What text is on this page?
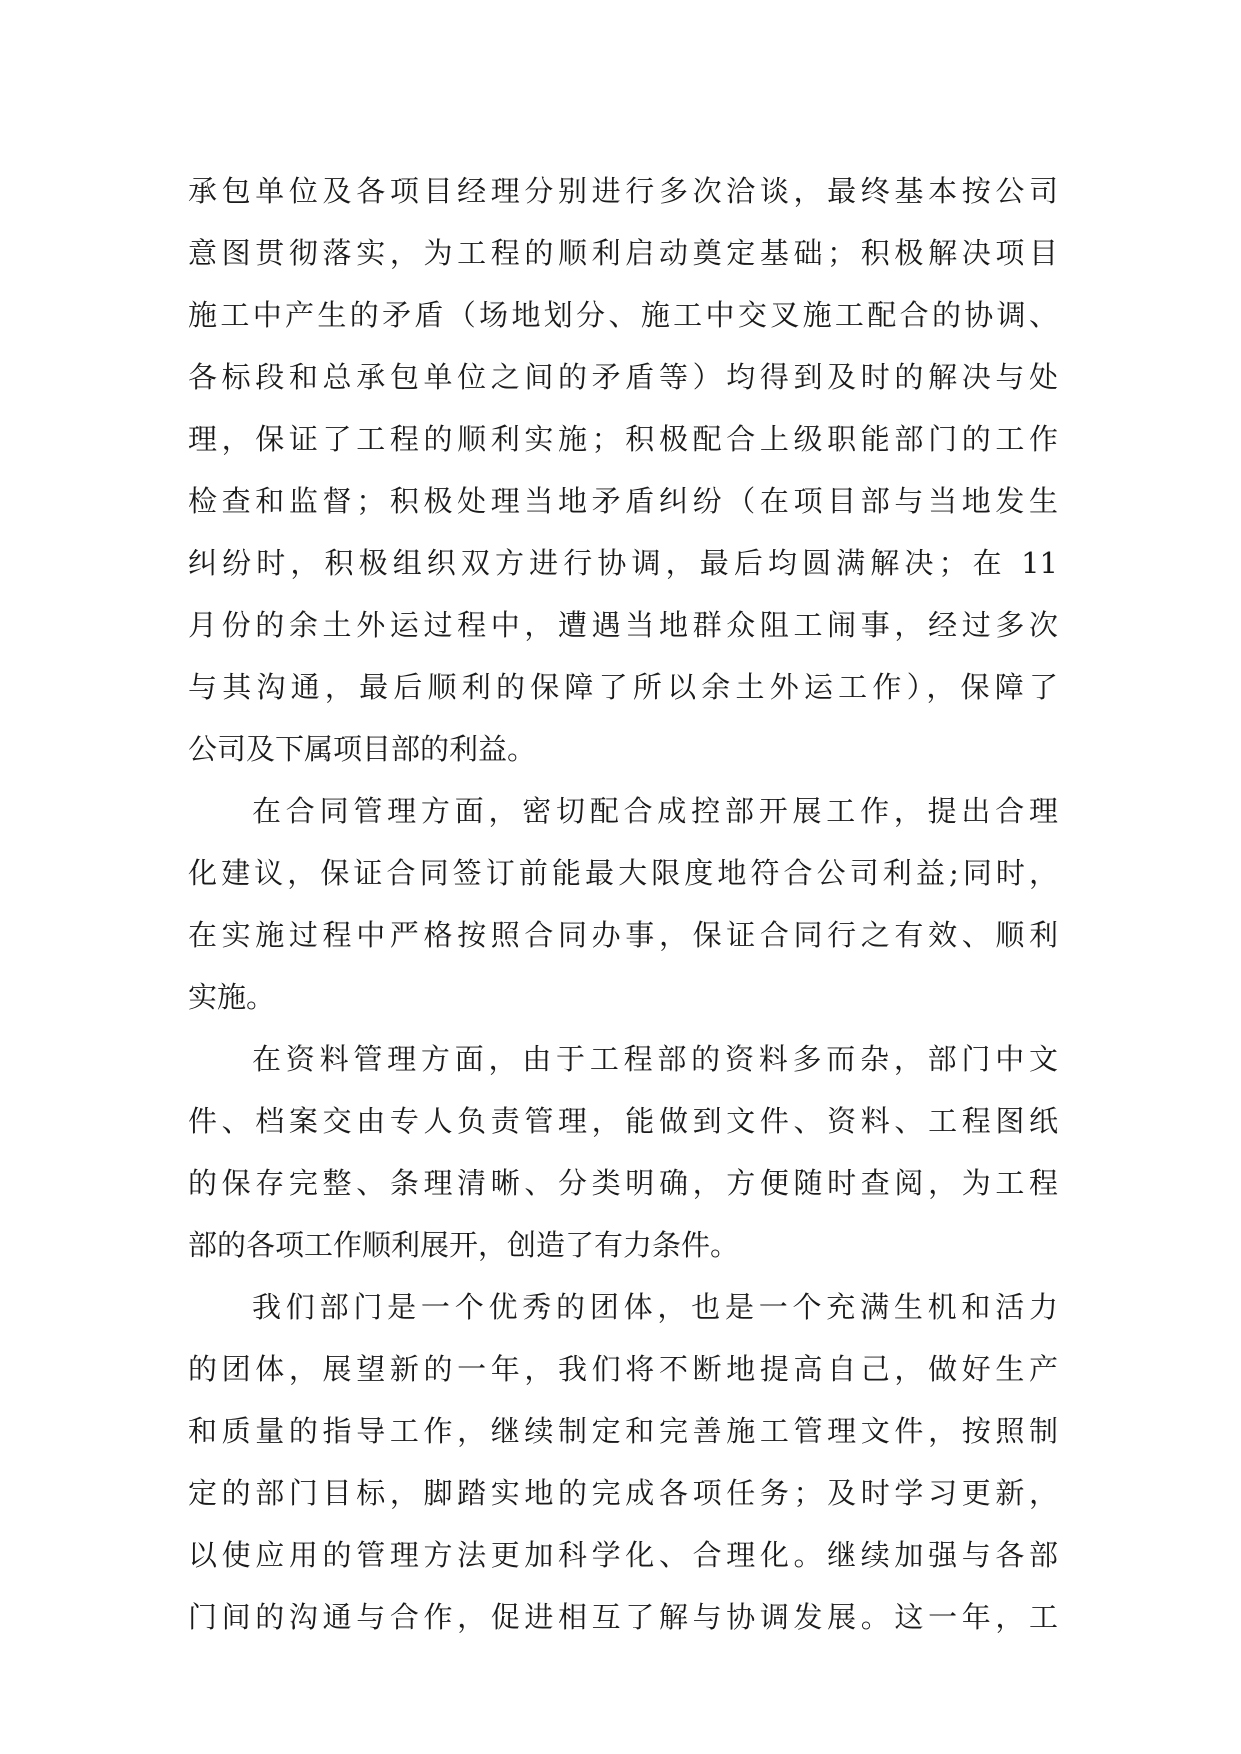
承包单位及各项目经理分别进行多次洽谈，最终基本按公司
意图贯彻落实，为工程的顺利启动奠定基础；积极解决项目
施工中产生的矛盾（场地划分、施工中交叉施工配合的协调、
各标段和总承包单位之间的矛盾等）均得到及时的解决与处
理，保证了工程的顺利实施；积极配合上级职能部门的工作
检查和监督；积极处理当地矛盾纠纷（在项目部与当地发生
纠纷时，积极组织双方进行协调，最后均圆满解决；在 11
月份的余土外运过程中，遭遇当地群众阻工闹事，经过多次
与其沟通，最后顺利的保障了所以余土外运工作），保障了
公司及下属项目部的利益。
在合同管理方面，密切配合成控部开展工作，提出合理
化建议，保证合同签订前能最大限度地符合公司利益;同时，
在实施过程中严格按照合同办事，保证合同行之有效、顺利
实施。
在资料管理方面，由于工程部的资料多而杂，部门中文
件、档案交由专人负责管理，能做到文件、资料、工程图纸
的保存完整、条理清晰、分类明确，方便随时查阅，为工程
部的各项工作顺利展开，创造了有力条件。
我们部门是一个优秀的团体，也是一个充满生机和活力
的团体，展望新的一年，我们将不断地提高自己，做好生产
和质量的指导工作，继续制定和完善施工管理文件，按照制
定的部门目标，脚踏实地的完成各项任务；及时学习更新，
以使应用的管理方法更加科学化、合理化。继续加强与各部
门间的沟通与合作，促进相互了解与协调发展。这一年，工
